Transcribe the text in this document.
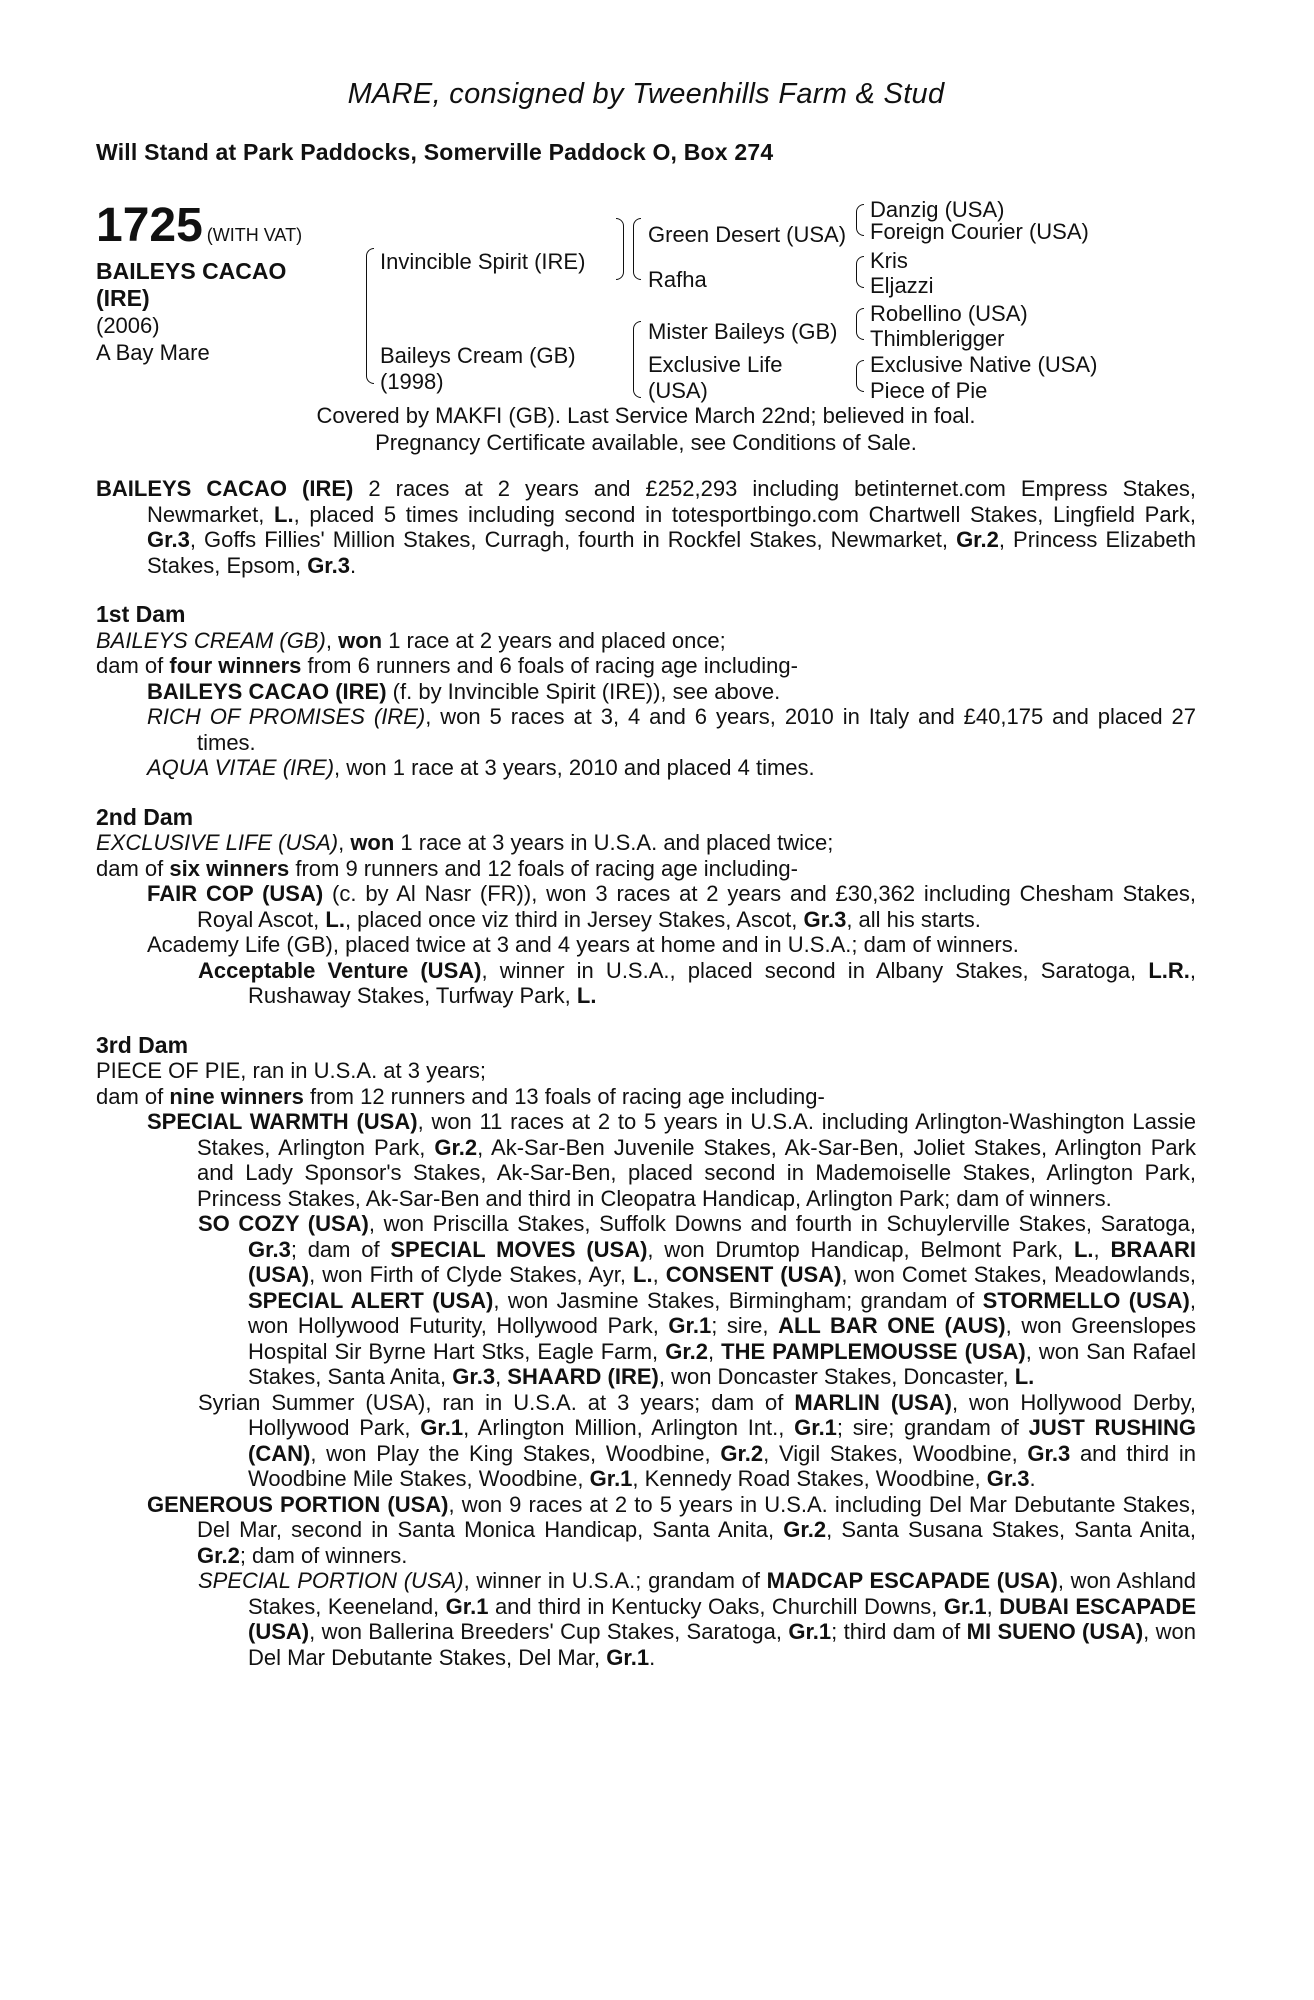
MARE, consigned by Tweenhills Farm & Stud

Will Stand at Park Paddocks, Somerville Paddock O, Box 274
1725 (WITH VAT)
BAILEYS CACAO
(IRE)
(2006)
A Bay Mare
Invincible Spirit (IRE)
Baileys Cream (GB)
(1998)
Green Desert (USA)
Rafha
Mister Baileys (GB)
Exclusive Life
(USA)
Danzig (USA)
Foreign Courier (USA)
Kris
Eljazzi
Robellino (USA)
Thimblerigger
Exclusive Native (USA)
Piece of Pie
Covered by MAKFI (GB). Last Service March 22nd; believed in foal.
Pregnancy Certificate available, see Conditions of Sale.

BAILEYS CACAO (IRE) 2 races at 2 years and £252,293 including betinternet.com Empress Stakes, Newmarket, L., placed 5 times including second in totesportbingo.com Chartwell Stakes, Lingfield Park, Gr.3, Goffs Fillies' Million Stakes, Curragh, fourth in Rockfel Stakes, Newmarket, Gr.2, Princess Elizabeth Stakes, Epsom, Gr.3.

1st Dam

BAILEYS CREAM (GB), won 1 race at 2 years and placed once;

dam of four winners from 6 runners and 6 foals of racing age including-

BAILEYS CACAO (IRE) (f. by Invincible Spirit (IRE)), see above.

RICH OF PROMISES (IRE), won 5 races at 3, 4 and 6 years, 2010 in Italy and £40,175 and placed 27 times.

AQUA VITAE (IRE), won 1 race at 3 years, 2010 and placed 4 times.

2nd Dam

EXCLUSIVE LIFE (USA), won 1 race at 3 years in U.S.A. and placed twice;

dam of six winners from 9 runners and 12 foals of racing age including-

FAIR COP (USA) (c. by Al Nasr (FR)), won 3 races at 2 years and £30,362 including Chesham Stakes, Royal Ascot, L., placed once viz third in Jersey Stakes, Ascot, Gr.3, all his starts.

Academy Life (GB), placed twice at 3 and 4 years at home and in U.S.A.; dam of winners.

Acceptable Venture (USA), winner in U.S.A., placed second in Albany Stakes, Saratoga, L.R., Rushaway Stakes, Turfway Park, L.

3rd Dam

PIECE OF PIE, ran in U.S.A. at 3 years;

dam of nine winners from 12 runners and 13 foals of racing age including-

SPECIAL WARMTH (USA), won 11 races at 2 to 5 years in U.S.A. including Arlington-Washington Lassie Stakes, Arlington Park, Gr.2, Ak-Sar-Ben Juvenile Stakes, Ak-Sar-Ben, Joliet Stakes, Arlington Park and Lady Sponsor's Stakes, Ak-Sar-Ben, placed second in Mademoiselle Stakes, Arlington Park, Princess Stakes, Ak-Sar-Ben and third in Cleopatra Handicap, Arlington Park; dam of winners.

SO COZY (USA), won Priscilla Stakes, Suffolk Downs and fourth in Schuylerville Stakes, Saratoga, Gr.3; dam of SPECIAL MOVES (USA), won Drumtop Handicap, Belmont Park, L., BRAARI (USA), won Firth of Clyde Stakes, Ayr, L., CONSENT (USA), won Comet Stakes, Meadowlands, SPECIAL ALERT (USA), won Jasmine Stakes, Birmingham; grandam of STORMELLO (USA), won Hollywood Futurity, Hollywood Park, Gr.1; sire, ALL BAR ONE (AUS), won Greenslopes Hospital Sir Byrne Hart Stks, Eagle Farm, Gr.2, THE PAMPLEMOUSSE (USA), won San Rafael Stakes, Santa Anita, Gr.3, SHAARD (IRE), won Doncaster Stakes, Doncaster, L.

Syrian Summer (USA), ran in U.S.A. at 3 years; dam of MARLIN (USA), won Hollywood Derby, Hollywood Park, Gr.1, Arlington Million, Arlington Int., Gr.1; sire; grandam of JUST RUSHING (CAN), won Play the King Stakes, Woodbine, Gr.2, Vigil Stakes, Woodbine, Gr.3 and third in Woodbine Mile Stakes, Woodbine, Gr.1, Kennedy Road Stakes, Woodbine, Gr.3.

GENEROUS PORTION (USA), won 9 races at 2 to 5 years in U.S.A. including Del Mar Debutante Stakes, Del Mar, second in Santa Monica Handicap, Santa Anita, Gr.2, Santa Susana Stakes, Santa Anita, Gr.2; dam of winners.

SPECIAL PORTION (USA), winner in U.S.A.; grandam of MADCAP ESCAPADE (USA), won Ashland Stakes, Keeneland, Gr.1 and third in Kentucky Oaks, Churchill Downs, Gr.1, DUBAI ESCAPADE (USA), won Ballerina Breeders' Cup Stakes, Saratoga, Gr.1; third dam of MI SUENO (USA), won Del Mar Debutante Stakes, Del Mar, Gr.1.
